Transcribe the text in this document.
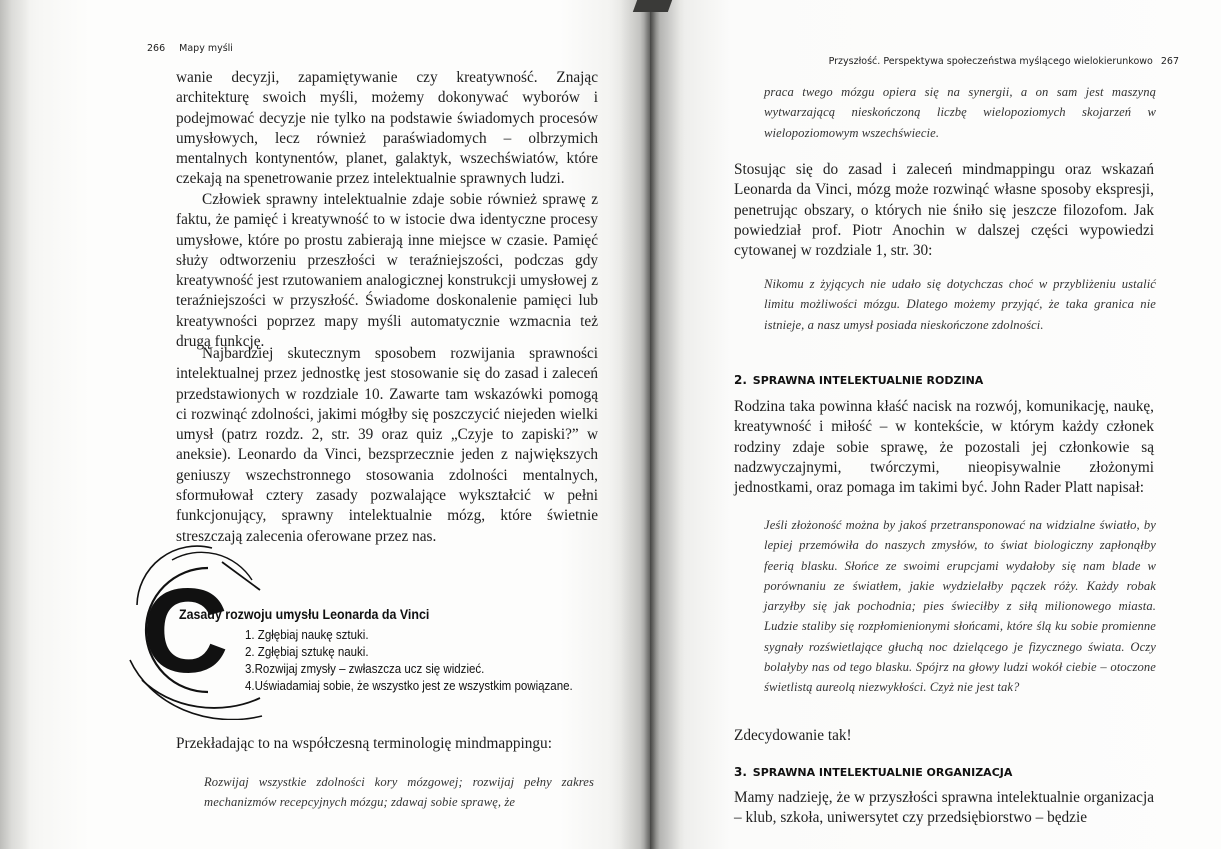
266 Mapy myśli

wanie decyzji, zapamiętywanie czy kreatywność. Znając architekturę swoich myśli, możemy dokonywać wyborów i podejmować decyzje nie tylko na podstawie świadomych procesów umysłowych, lecz również paraświadomych – olbrzymich mentalnych kontynentów, planet, galaktyk, wszechświatów, które czekają na spenetrowanie przez intelektualnie sprawnych ludzi.

Człowiek sprawny intelektualnie zdaje sobie również sprawę z faktu, że pamięć i kreatywność to w istocie dwa identyczne procesy umysłowe, które po prostu zabierają inne miejsce w czasie. Pamięć służy odtworzeniu przeszłości w teraźniejszości, podczas gdy kreatywność jest rzutowaniem analogicznej konstrukcji umysłowej z teraźniejszości w przyszłość. Świadome doskonalenie pamięci lub kreatywności poprzez mapy myśli automatycznie wzmacnia też drugą funkcję.

Najbardziej skutecznym sposobem rozwijania sprawności intelektualnej przez jednostkę jest stosowanie się do zasad i zaleceń przedstawionych w rozdziale 10. Zawarte tam wskazówki pomogą ci rozwinąć zdolności, jakimi mógłby się poszczycić niejeden wielki umysł (patrz rozdz. 2, str. 39 oraz quiz „Czyje to zapiski?” w aneksie). Leonardo da Vinci, bezsprzecznie jeden z największych geniuszy wszechstronnego stosowania zdolności mentalnych, sformułował cztery zasady pozwalające wykształcić w pełni funkcjonujący, sprawny intelektualnie mózg, które świetnie streszczają zalecenia oferowane przez nas.

C
Zasady rozwoju umysłu Leonarda da Vinci
1. Zgłębiaj naukę sztuki.
2. Zgłębiaj sztukę nauki.
3.Rozwijaj zmysły – zwłaszcza ucz się widzieć.
4.Uświadamiaj sobie, że wszystko jest ze wszystkim powiązane.

Przekładając to na współczesną terminologię mindmappingu:

Rozwijaj wszystkie zdolności kory mózgowej; rozwijaj pełny zakres mechanizmów recepcyjnych mózgu; zdawaj sobie sprawę, że

Przyszłość. Perspektywa społeczeństwa myślącego wielokierunkowo 267

praca twego mózgu opiera się na synergii, a on sam jest maszyną wytwarzającą nieskończoną liczbę wielopoziomych skojarzeń w wielopoziomowym wszechświecie.

Stosując się do zasad i zaleceń mindmappingu oraz wskazań Leonarda da Vinci, mózg może rozwinąć własne sposoby ekspresji, penetrując obszary, o których nie śniło się jeszcze filozofom. Jak powiedział prof. Piotr Anochin w dalszej części wypowiedzi cytowanej w rozdziale 1, str. 30:

Nikomu z żyjących nie udało się dotychczas choć w przybliżeniu ustalić limitu możliwości mózgu. Dlatego możemy przyjąć, że taka granica nie istnieje, a nasz umysł posiada nieskończone zdolności.

2. SPRAWNA INTELEKTUALNIE RODZINA

Rodzina taka powinna kłaść nacisk na rozwój, komunikację, naukę, kreatywność i miłość – w kontekście, w którym każdy członek rodziny zdaje sobie sprawę, że pozostali jej członkowie są nadzwyczajnymi, twórczymi, nieopisywalnie złożonymi jednostkami, oraz pomaga im takimi być. John Rader Platt napisał:

Jeśli złożoność można by jakoś przetransponować na widzialne światło, by lepiej przemówiła do naszych zmysłów, to świat biologiczny zapłonąłby feerią blasku. Słońce ze swoimi erupcjami wydałoby się nam blade w porównaniu ze światłem, jakie wydzielałby pączek róży. Każdy robak jarzyłby się jak pochodnia; pies świeciłby z siłą milionowego miasta. Ludzie staliby się rozpłomienionymi słońcami, które ślą ku sobie promienne sygnały rozświetlające głuchą noc dzielącego je fizycznego świata. Oczy bolałyby nas od tego blasku. Spójrz na głowy ludzi wokół ciebie – otoczone świetlistą aureolą niezwykłości. Czyż nie jest tak?

Zdecydowanie tak!

3. SPRAWNA INTELEKTUALNIE ORGANIZACJA

Mamy nadzieję, że w przyszłości sprawna intelektualnie organizacja – klub, szkoła, uniwersytet czy przedsiębiorstwo – będzie
